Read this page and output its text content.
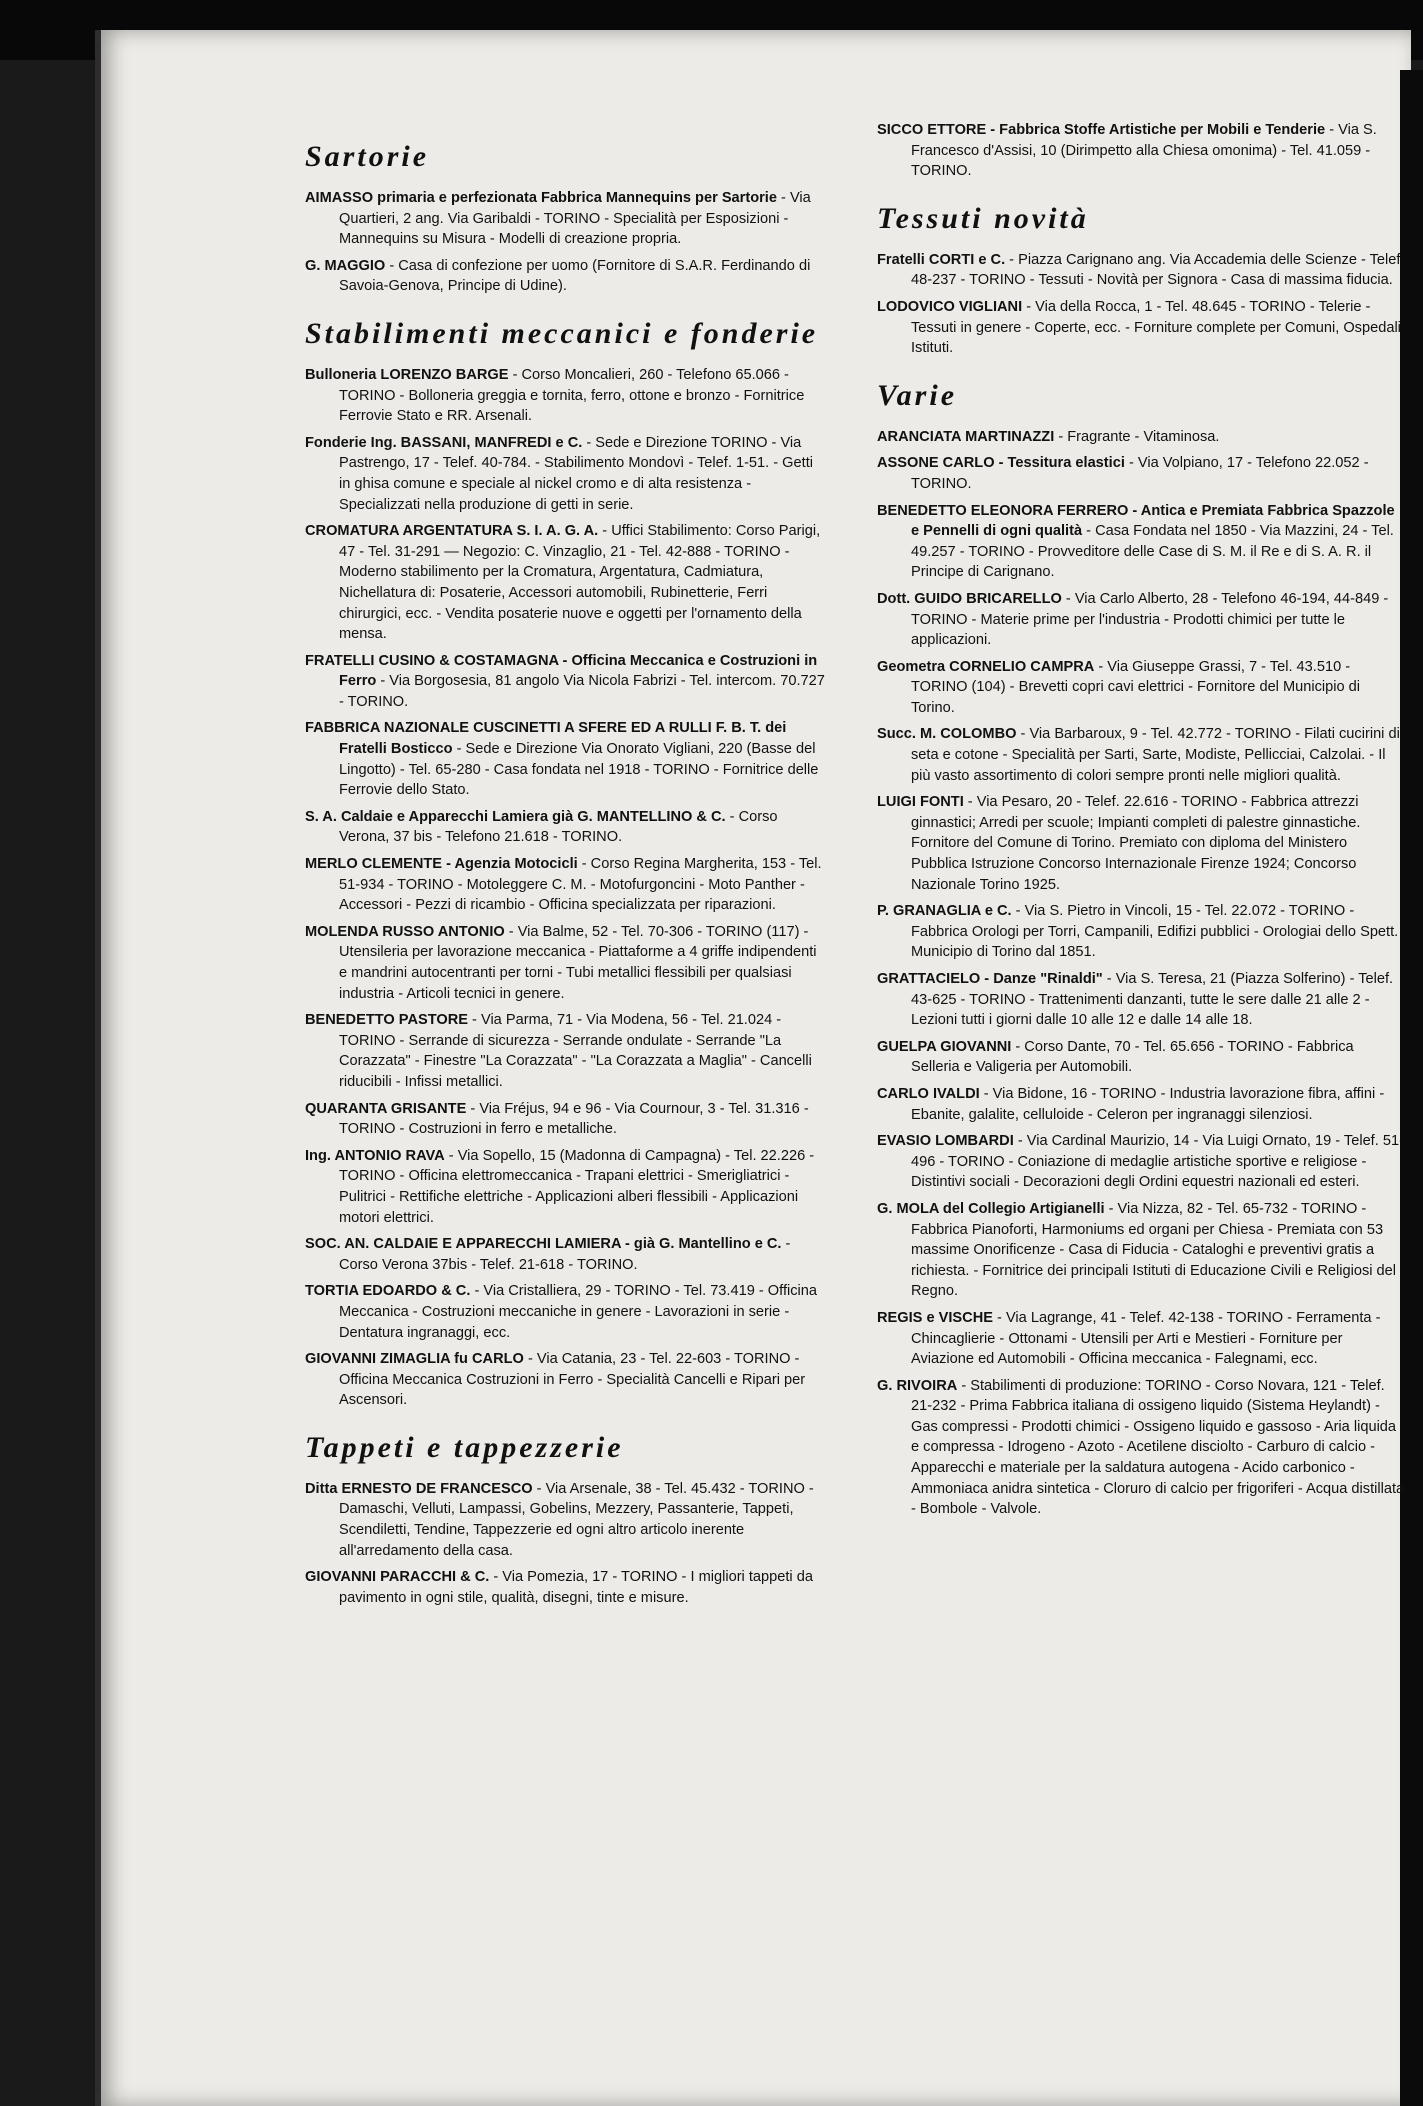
Sartorie
AIMASSO primaria e perfezionata Fabbrica Mannequins per Sartorie - Via Quartieri, 2 ang. Via Garibaldi - TORINO - Specialità per Esposizioni - Mannequins su Misura - Modelli di creazione propria.
G. MAGGIO - Casa di confezione per uomo (Fornitore di S.A.R. Ferdinando di Savoia-Genova, Principe di Udine).
Stabilimenti meccanici e fonderie
Bulloneria LORENZO BARGE - Corso Moncalieri, 260 - Telefono 65.066 - TORINO - Bolloneria greggia e tornita, ferro, ottone e bronzo - Fornitrice Ferrovie Stato e RR. Arsenali.
Fonderie Ing. BASSANI, MANFREDI e C. - Sede e Direzione TORINO - Via Pastrengo, 17 - Telef. 40-784. - Stabilimento Mondovì - Telef. 1-51. - Getti in ghisa comune e speciale al nickel cromo e di alta resistenza - Specializzati nella produzione di getti in serie.
CROMATURA ARGENTATURA S. I. A. G. A. - Uffici Stabilimento: Corso Parigi, 47 - Tel. 31-291 — Negozio: C. Vinzaglio, 21 - Tel. 42-888 - TORINO - Moderno stabilimento per la Cromatura, Argentatura, Cadmiatura, Nichellatura di: Posaterie, Accessori automobili, Rubinetterie, Ferri chirurgici, ecc. - Vendita posaterie nuove e oggetti per l'ornamento della mensa.
FRATELLI CUSINO & COSTAMAGNA - Officina Meccanica e Costruzioni in Ferro - Via Borgosesia, 81 angolo Via Nicola Fabrizi - Tel. intercom. 70.727 - TORINO.
FABBRICA NAZIONALE CUSCINETTI A SFERE ED A RULLI F. B. T. dei Fratelli Bosticco - Sede e Direzione Via Onorato Vigliani, 220 (Basse del Lingotto) - Tel. 65-280 - Casa fondata nel 1918 - TORINO - Fornitrice delle Ferrovie dello Stato.
S. A. Caldaie e Apparecchi Lamiera già G. MANTELLINO & C. - Corso Verona, 37 bis - Telefono 21.618 - TORINO.
MERLO CLEMENTE - Agenzia Motocicli - Corso Regina Margherita, 153 - Tel. 51-934 - TORINO - Motoleggere C. M. - Motofurgoncini - Moto Panther - Accessori - Pezzi di ricambio - Officina specializzata per riparazioni.
MOLENDA RUSSO ANTONIO - Via Balme, 52 - Tel. 70-306 - TORINO (117) - Utensileria per lavorazione meccanica - Piattaforme a 4 griffe indipendenti e mandrini autocentranti per torni - Tubi metallici flessibili per qualsiasi industria - Articoli tecnici in genere.
BENEDETTO PASTORE - Via Parma, 71 - Via Modena, 56 - Tel. 21.024 - TORINO - Serrande di sicurezza - Serrande ondulate - Serrande "La Corazzata" - Finestre "La Corazzata" - "La Corazzata a Maglia" - Cancelli riducibili - Infissi metallici.
QUARANTA GRISANTE - Via Fréjus, 94 e 96 - Via Cournour, 3 - Tel. 31.316 - TORINO - Costruzioni in ferro e metalliche.
Ing. ANTONIO RAVA - Via Sopello, 15 (Madonna di Campagna) - Tel. 22.226 - TORINO - Officina elettromeccanica - Trapani elettrici - Smerigliatrici - Pulitrici - Rettifiche elettriche - Applicazioni alberi flessibili - Applicazioni motori elettrici.
SOC. AN. CALDAIE E APPARECCHI LAMIERA - già G. Mantellino e C. - Corso Verona 37bis - Telef. 21-618 - TORINO.
TORTIA EDOARDO & C. - Via Cristalliera, 29 - TORINO - Tel. 73.419 - Officina Meccanica - Costruzioni meccaniche in genere - Lavorazioni in serie - Dentatura ingranaggi, ecc.
GIOVANNI ZIMAGLIA fu CARLO - Via Catania, 23 - Tel. 22-603 - TORINO - Officina Meccanica Costruzioni in Ferro - Specialità Cancelli e Ripari per Ascensori.
Tappeti e tappezzerie
Ditta ERNESTO DE FRANCESCO - Via Arsenale, 38 - Tel. 45.432 - TORINO - Damaschi, Velluti, Lampassi, Gobelins, Mezzery, Passanterie, Tappeti, Scendiletti, Tendine, Tappezzerie ed ogni altro articolo inerente all'arredamento della casa.
GIOVANNI PARACCHI & C. - Via Pomezia, 17 - TORINO - I migliori tappeti da pavimento in ogni stile, qualità, disegni, tinte e misure.
SICCO ETTORE - Fabbrica Stoffe Artistiche per Mobili e Tenderie - Via S. Francesco d'Assisi, 10 (Dirimpetto alla Chiesa omonima) - Tel. 41.059 - TORINO.
Tessuti novità
Fratelli CORTI e C. - Piazza Carignano ang. Via Accademia delle Scienze - Telef. 48-237 - TORINO - Tessuti - Novità per Signora - Casa di massima fiducia.
LODOVICO VIGLIANI - Via della Rocca, 1 - Tel. 48.645 - TORINO - Telerie - Tessuti in genere - Coperte, ecc. - Forniture complete per Comuni, Ospedali, Istituti.
Varie
ARANCIATA MARTINAZZI - Fragrante - Vitaminosa.
ASSONE CARLO - Tessitura elastici - Via Volpiano, 17 - Telefono 22.052 - TORINO.
BENEDETTO ELEONORA FERRERO - Antica e Premiata Fabbrica Spazzole e Pennelli di ogni qualità - Casa Fondata nel 1850 - Via Mazzini, 24 - Tel. 49.257 - TORINO - Provveditore delle Case di S. M. il Re e di S. A. R. il Principe di Carignano.
Dott. GUIDO BRICARELLO - Via Carlo Alberto, 28 - Telefono 46-194, 44-849 - TORINO - Materie prime per l'industria - Prodotti chimici per tutte le applicazioni.
Geometra CORNELIO CAMPRA - Via Giuseppe Grassi, 7 - Tel. 43.510 - TORINO (104) - Brevetti copri cavi elettrici - Fornitore del Municipio di Torino.
Succ. M. COLOMBO - Via Barbaroux, 9 - Tel. 42.772 - TORINO - Filati cucirini di seta e cotone - Specialità per Sarti, Sarte, Modiste, Pellicciai, Calzolai. - Il più vasto assortimento di colori sempre pronti nelle migliori qualità.
LUIGI FONTI - Via Pesaro, 20 - Telef. 22.616 - TORINO - Fabbrica attrezzi ginnastici; Arredi per scuole; Impianti completi di palestre ginnastiche. Fornitore del Comune di Torino. Premiato con diploma del Ministero Pubblica Istruzione Concorso Internazionale Firenze 1924; Concorso Nazionale Torino 1925.
P. GRANAGLIA e C. - Via S. Pietro in Vincoli, 15 - Tel. 22.072 - TORINO - Fabbrica Orologi per Torri, Campanili, Edifizi pubblici - Orologiai dello Spett. Municipio di Torino dal 1851.
GRATTACIELO - Danze "Rinaldi" - Via S. Teresa, 21 (Piazza Solferino) - Telef. 43-625 - TORINO - Trattenimenti danzanti, tutte le sere dalle 21 alle 2 - Lezioni tutti i giorni dalle 10 alle 12 e dalle 14 alle 18.
GUELPA GIOVANNI - Corso Dante, 70 - Tel. 65.656 - TORINO - Fabbrica Selleria e Valigeria per Automobili.
CARLO IVALDI - Via Bidone, 16 - TORINO - Industria lavorazione fibra, affini - Ebanite, galalite, celluloide - Celeron per ingranaggi silenziosi.
EVASIO LOMBARDI - Via Cardinal Maurizio, 14 - Via Luigi Ornato, 19 - Telef. 51-496 - TORINO - Coniazione di medaglie artistiche sportive e religiose - Distintivi sociali - Decorazioni degli Ordini equestri nazionali ed esteri.
G. MOLA del Collegio Artigianelli - Via Nizza, 82 - Tel. 65-732 - TORINO - Fabbrica Pianoforti, Harmoniums ed organi per Chiesa - Premiata con 53 massime Onorificenze - Casa di Fiducia - Cataloghi e preventivi gratis a richiesta. - Fornitrice dei principali Istituti di Educazione Civili e Religiosi del Regno.
REGIS e VISCHE - Via Lagrange, 41 - Telef. 42-138 - TORINO - Ferramenta - Chincaglierie - Ottonami - Utensili per Arti e Mestieri - Forniture per Aviazione ed Automobili - Officina meccanica - Falegnami, ecc.
G. RIVOIRA - Stabilimenti di produzione: TORINO - Corso Novara, 121 - Telef. 21-232 - Prima Fabbrica italiana di ossigeno liquido (Sistema Heylandt) - Gas compressi - Prodotti chimici - Ossigeno liquido e gassoso - Aria liquida e compressa - Idrogeno - Azoto - Acetilene disciolto - Carburo di calcio - Apparecchi e materiale per la saldatura autogena - Acido carbonico - Ammoniaca anidra sintetica - Cloruro di calcio per frigoriferi - Acqua distillata - Bombole - Valvole.
